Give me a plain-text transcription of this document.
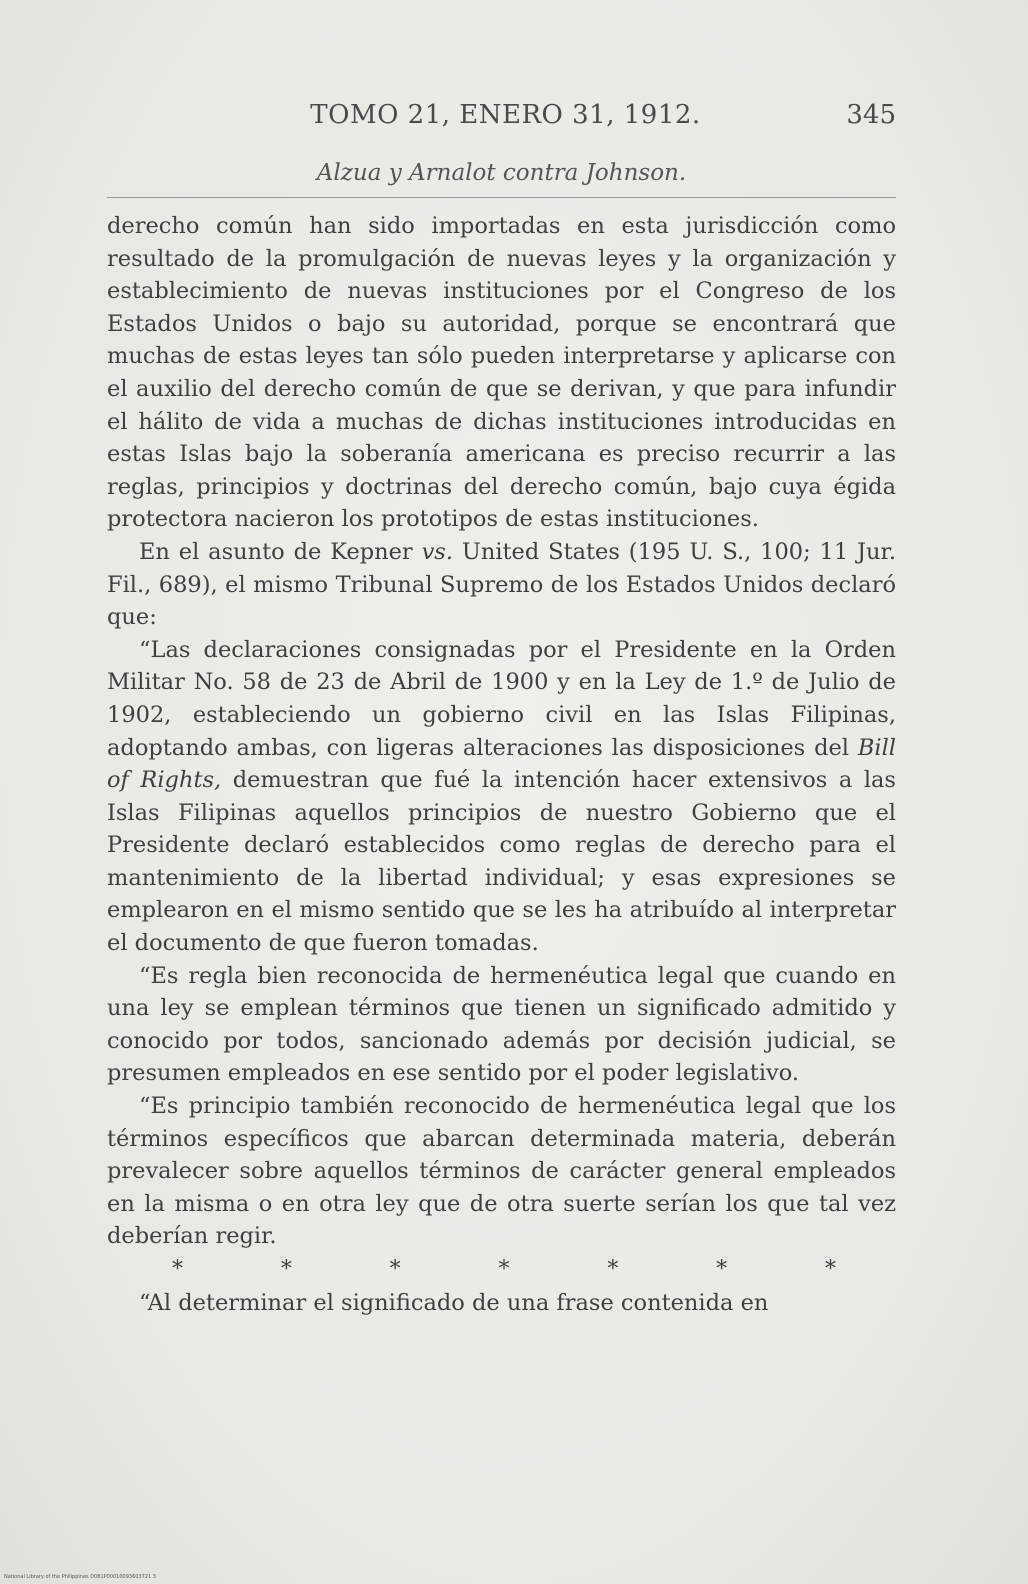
TOMO 21, ENERO 31, 1912.	345
Alzua y Arnalot contra Johnson.

derecho común han sido importadas en esta jurisdicción como resultado de la promulgación de nuevas leyes y la organización y establecimiento de nuevas instituciones por el Congreso de los Estados Unidos o bajo su autoridad, porque se encontrará que muchas de estas leyes tan sólo pueden interpretarse y aplicarse con el auxilio del derecho común de que se derivan, y que para infundir el hálito de vida a muchas de dichas instituciones introducidas en estas Islas bajo la soberanía americana es preciso recurrir a las reglas, principios y doctrinas del derecho común, bajo cuya égida protectora nacieron los prototipos de estas instituciones.

En el asunto de Kepner vs. United States (195 U. S., 100; 11 Jur. Fil., 689), el mismo Tribunal Supremo de los Estados Unidos declaró que:

“Las declaraciones consignadas por el Presidente en la Orden Militar No. 58 de 23 de Abril de 1900 y en la Ley de 1.º de Julio de 1902, estableciendo un gobierno civil en las Islas Filipinas, adoptando ambas, con ligeras alteraciones las disposiciones del Bill of Rights, demuestran que fué la intención hacer extensivos a las Islas Filipinas aquellos principios de nuestro Gobierno que el Presidente declaró establecidos como reglas de derecho para el mantenimiento de la libertad individual; y esas expresiones se emplearon en el mismo sentido que se les ha atribuído al interpretar el documento de que fueron tomadas.

“Es regla bien reconocida de hermenéutica legal que cuando en una ley se emplean términos que tienen un significado admitido y conocido por todos, sancionado además por decisión judicial, se presumen empleados en ese sentido por el poder legislativo.

“Es principio también reconocido de hermenéutica legal que los términos específicos que abarcan determinada materia, deberán prevalecer sobre aquellos términos de carácter general empleados en la misma o en otra ley que de otra suerte serían los que tal vez deberían regir.

*	*	*	*	*	*	*

“Al determinar el significado de una frase contenida en

National Library of the Philippines D081P00010093603721 3
